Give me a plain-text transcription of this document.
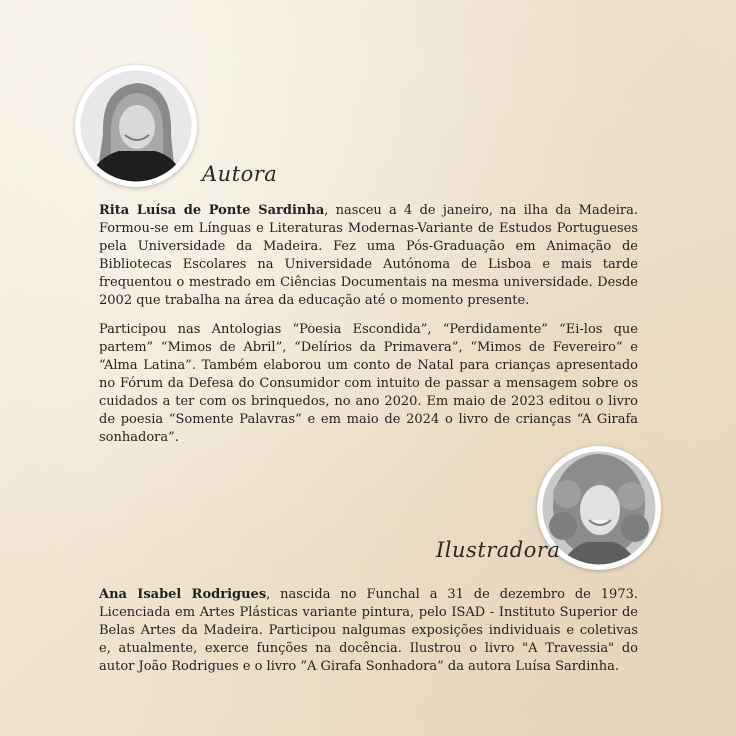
Autora

Rita Luísa de Ponte Sardinha, nasceu a 4 de janeiro, na ilha da Madeira. Formou-se em Línguas e Literaturas Modernas-Variante de Estudos Portugueses pela Universidade da Madeira. Fez uma Pós-Graduação em Animação de Bibliotecas Escolares na Universidade Autónoma de Lisboa e mais tarde frequentou o mestrado em Ciências Documentais na mesma universidade. Desde 2002 que trabalha na área da educação até o momento presente.

Participou nas Antologias “Poesia Escondida”, “Perdidamente” “Ei-los que partem” “Mimos de Abril”, “Delírios da Primavera”, “Mimos de Fevereiro“ e “Alma Latina”. Também elaborou um conto de Natal para crianças apresentado no Fórum da Defesa do Consumidor com intuito de passar a mensagem sobre os cuidados a ter com os brinquedos, no ano 2020. Em maio de 2023 editou o livro de poesia “Somente Palavras” e em maio de 2024 o livro de crianças “A Girafa sonhadora”.

Ilustradora

Ana Isabel Rodrigues, nascida no Funchal a 31 de dezembro de 1973. Licenciada em Artes Plásticas variante pintura, pelo ISAD - Instituto Superior de Belas Artes da Madeira. Participou nalgumas exposições individuais e coletivas e, atualmente, exerce funções na docência. Ilustrou o livro "A Travessia" do autor João Rodrigues e o livro ”A Girafa Sonhadora” da autora Luísa Sardinha.
